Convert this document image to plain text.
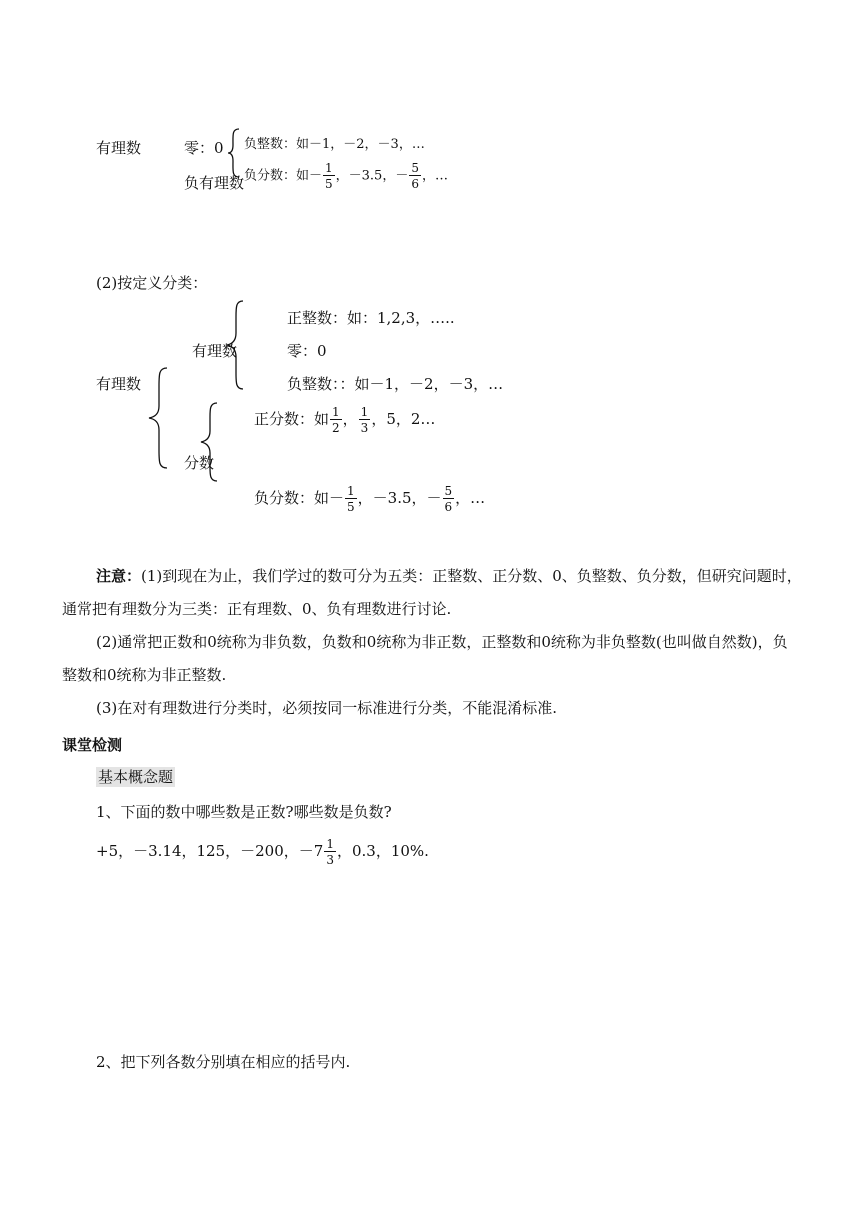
有理数	零：0
负有理数
负整数：如－1，－2，－3，…
负分数：如－ $\frac{1}{5}$ ，－3.5，－ $\frac{5}{6}$ ，…
(2)按定义分类：
有理数
有理数
正整数：如：1,2,3，…..
零：0
负整数：：如－1，－2，－3，…
分数
正分数：如 $\frac{1}{2}$ ， $\frac{1}{3}$ ，5，2…
负分数：如－ $\frac{1}{5}$ ，－3.5，－ $\frac{5}{6}$ ，…
注意：(1)到现在为止，我们学过的数可分为五类：正整数、正分数、0、负整数、负分数，但研究问题时，通常把有理数分为三类：正有理数、0、负有理数进行讨论.
(2)通常把正数和0统称为非负数，负数和0统称为非正数，正整数和0统称为非负整数(也叫做自然数)，负整数和0统称为非正整数.
(3)在对有理数进行分类时，必须按同一标准进行分类，不能混淆标准.
课堂检测
基本概念题
1、下面的数中哪些数是正数?哪些数是负数?
+5，－3.14，125，－200，$-7 \frac{1}{3}$ ，0.3，10%.
2、把下列各数分别填在相应的括号内.
